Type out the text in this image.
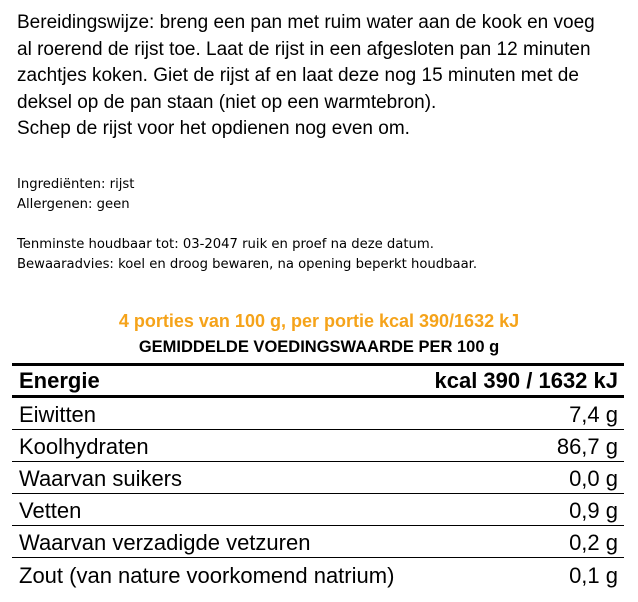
Bereidingswijze: breng een pan met ruim water aan de kook en voeg
al roerend de rijst toe. Laat de rijst in een afgesloten pan 12 minuten
zachtjes koken. Giet de rijst af en laat deze nog 15 minuten met de
deksel op de pan staan (niet op een warmtebron).
Schep de rijst voor het opdienen nog even om.
Ingrediënten: rijst
Allergenen: geen
Tenminste houdbaar tot: 03-2047 ruik en proef na deze datum.
Bewaaradvies: koel en droog bewaren, na opening beperkt houdbaar.
4 porties van 100 g, per portie kcal 390/1632 kJ
GEMIDDELDE VOEDINGSWAARDE PER 100 g
Energie	kcal 390 / 1632 kJ
Eiwitten	7,4 g
Koolhydraten	86,7 g
Waarvan suikers	0,0 g
Vetten	0,9 g
Waarvan verzadigde vetzuren	0,2 g
Zout (van nature voorkomend natrium)	0,1 g
